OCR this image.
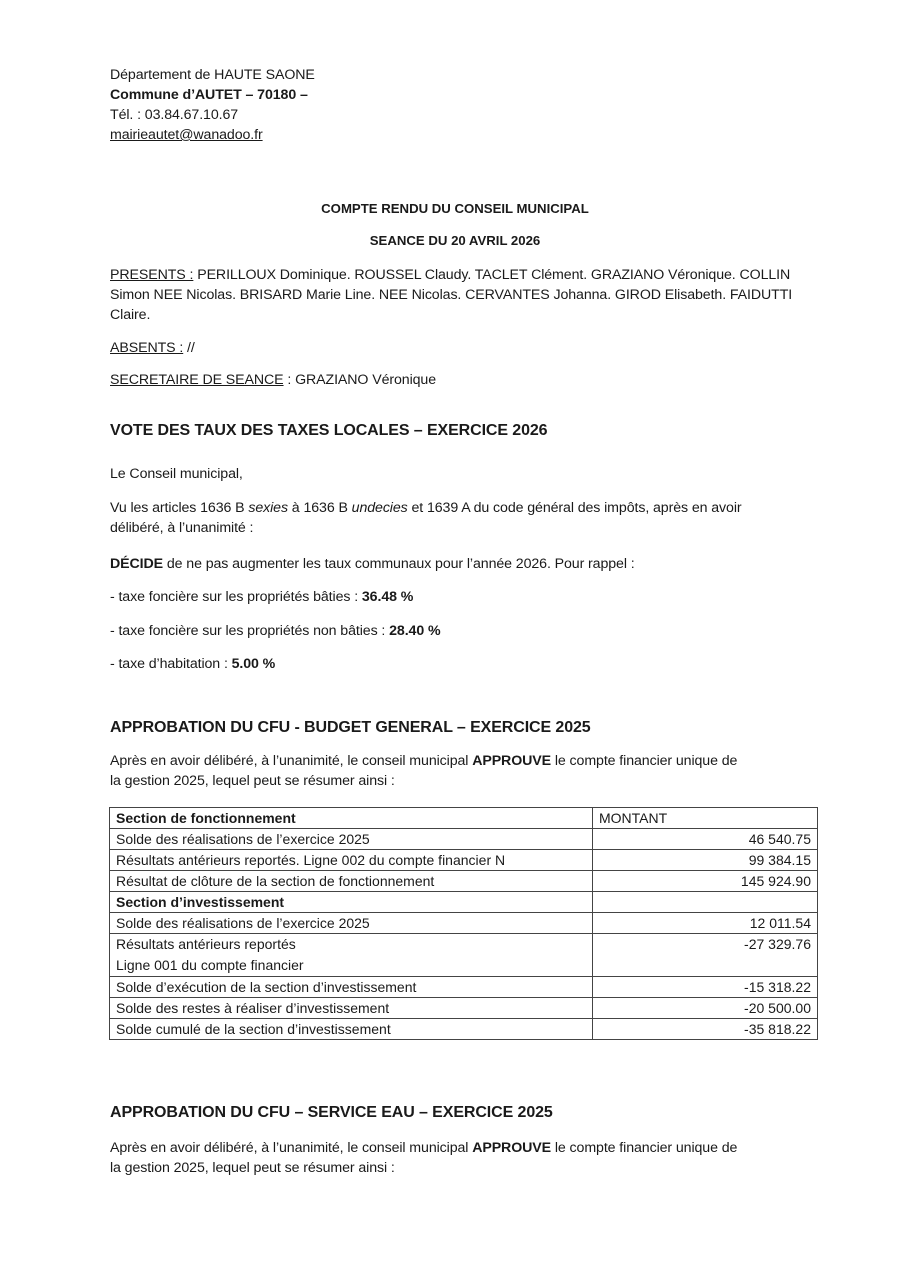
Département de HAUTE SAONE
Commune d’AUTET – 70180 –
Tél. : 03.84.67.10.67
mairieautet@wanadoo.fr
COMPTE RENDU DU CONSEIL MUNICIPAL
SEANCE DU 20 AVRIL 2026
PRESENTS : PERILLOUX Dominique. ROUSSEL Claudy. TACLET Clément. GRAZIANO Véronique. COLLIN
Simon NEE Nicolas. BRISARD Marie Line. NEE Nicolas. CERVANTES Johanna. GIROD Elisabeth. FAIDUTTI
Claire.
ABSENTS : //
SECRETAIRE DE SEANCE : GRAZIANO Véronique
VOTE DES TAUX DES TAXES LOCALES – EXERCICE 2026
Le Conseil municipal,
Vu les articles 1636 B sexies à 1636 B undecies et 1639 A du code général des impôts, après en avoir
délibéré, à l’unanimité :
DÉCIDE de ne pas augmenter les taux communaux pour l’année 2026. Pour rappel :
- taxe foncière sur les propriétés bâties : 36.48 %
- taxe foncière sur les propriétés non bâties : 28.40 %
- taxe d’habitation : 5.00 %
APPROBATION DU CFU - BUDGET GENERAL – EXERCICE 2025
Après en avoir délibéré, à l’unanimité, le conseil municipal APPROUVE le compte financier unique de
la gestion 2025, lequel peut se résumer ainsi :
Section de fonctionnement	MONTANT
Solde des réalisations de l’exercice 2025	46 540.75
Résultats antérieurs reportés. Ligne 002 du compte financier N	99 384.15
Résultat de clôture de la section de fonctionnement	145 924.90
Section d’investissement	
Solde des réalisations de l’exercice 2025	12 011.54

Résultats antérieurs reportés
Ligne 001 du compte financier	-27 329.76
Solde d’exécution de la section d’investissement	-15 318.22
Solde des restes à réaliser d’investissement	-20 500.00
Solde cumulé de la section d’investissement	-35 818.22
APPROBATION DU CFU – SERVICE EAU – EXERCICE 2025
Après en avoir délibéré, à l’unanimité, le conseil municipal APPROUVE le compte financier unique de
la gestion 2025, lequel peut se résumer ainsi :
